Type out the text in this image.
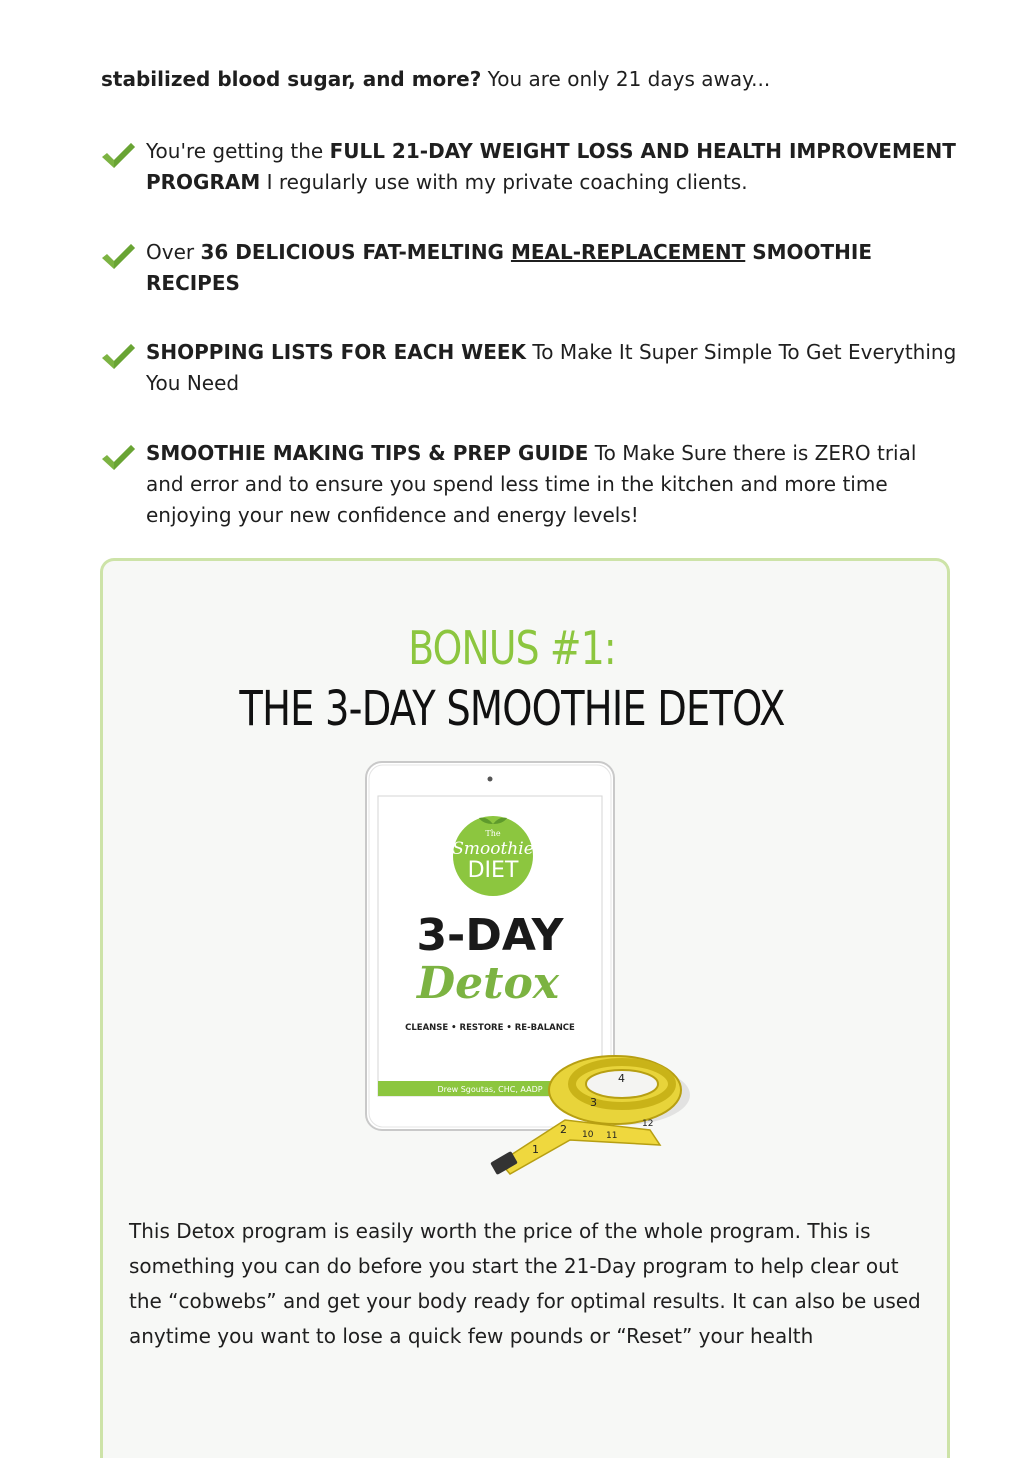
stabilized blood sugar, and more? You are only 21 days away...

You're getting the FULL 21-DAY WEIGHT LOSS AND HEALTH IMPROVEMENT PROGRAM I regularly use with my private coaching clients.
Over 36 DELICIOUS FAT-MELTING MEAL-REPLACEMENT SMOOTHIE RECIPES
SHOPPING LISTS FOR EACH WEEK To Make It Super Simple To Get Everything You Need
SMOOTHIE MAKING TIPS & PREP GUIDE To Make Sure there is ZERO trial and error and to ensure you spend less time in the kitchen and more time enjoying your new confidence and energy levels!
BONUS #1:
THE 3-DAY SMOOTHIE DETOX
The
Smoothie
DIET
3-DAY
Detox
CLEANSE • RESTORE • RE-BALANCE
Drew Sgoutas, CHC, AADP
1
2
3
4
10 11
12
This Detox program is easily worth the price of the whole program. This is something you can do before you start the 21-Day program to help clear out the “cobwebs” and get your body ready for optimal results. It can also be used anytime you want to lose a quick few pounds or “Reset” your health
